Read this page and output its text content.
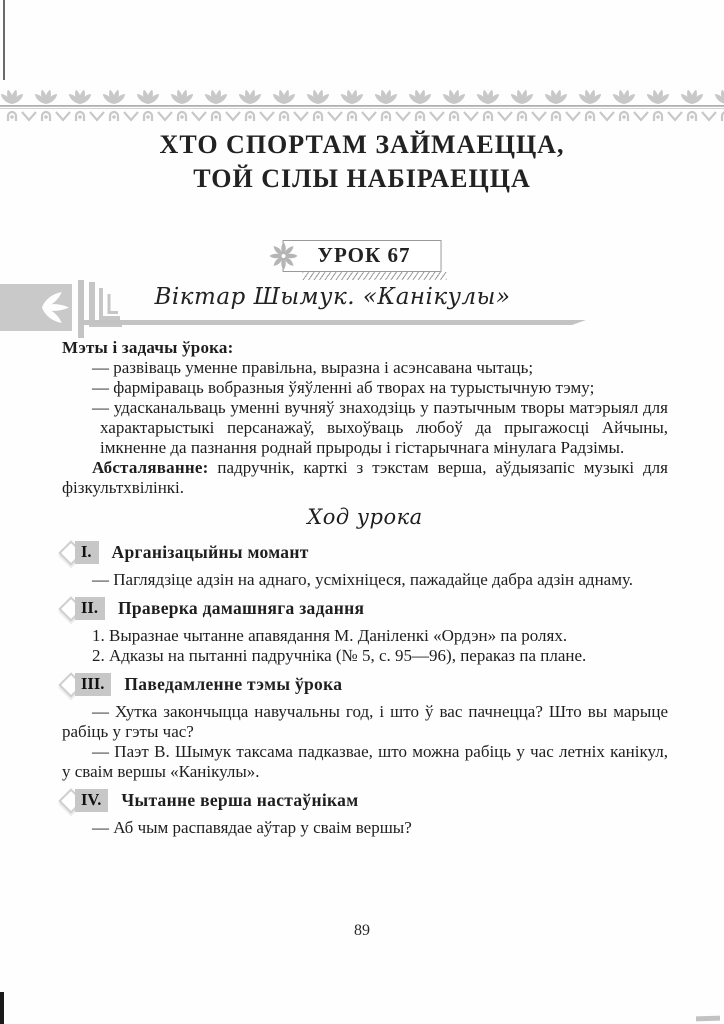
ХТО СПОРТАМ ЗАЙМАЕЦЦА,
ТОЙ СІЛЫ НАБІРАЕЦЦА
УРОК 67
Віктар Шымук. «Канікулы»

Мэты і задачы ўрока:

— развіваць уменне правільна, выразна і асэнсавана чытаць;

— фарміраваць вобразныя ўяўленні аб творах на турыстычную тэму;

— удасканальваць уменні вучняў знаходзіць у паэтычным творы матэрыял для характарыстыкі персанажаў, выхоўваць любоў да прыгажосці Айчыны, імкненне да пазнання роднай прыроды і гістарычнага мінулага Радзімы.

Абсталяванне: падручнік, карткі з тэкстам верша, аўдыязапіс музыкі для фізкультхвілінкі.

Ход урока
I.	Арганізацыйны момант

— Паглядзіце адзін на аднаго, усміхніцеся, пажадайце дабра адзін аднаму.

II.	Праверка дамашняга задання

1. Выразнае чытанне апавядання М. Даніленкі «Ордэн» па ролях.

2. Адказы на пытанні падручніка (№ 5, с. 95—96), пераказ па плане.

III.	Паведамленне тэмы ўрока

— Хутка закончыцца навучальны год, і што ў вас пачнецца? Што вы марыце рабіць у гэты час?

— Паэт В. Шымук таксама падказвае, што можна рабіць у час летніх канікул, у сваім вершы «Канікулы».

IV.	Чытанне верша настаўнікам

— Аб чым распавядае аўтар у сваім вершы?

89
